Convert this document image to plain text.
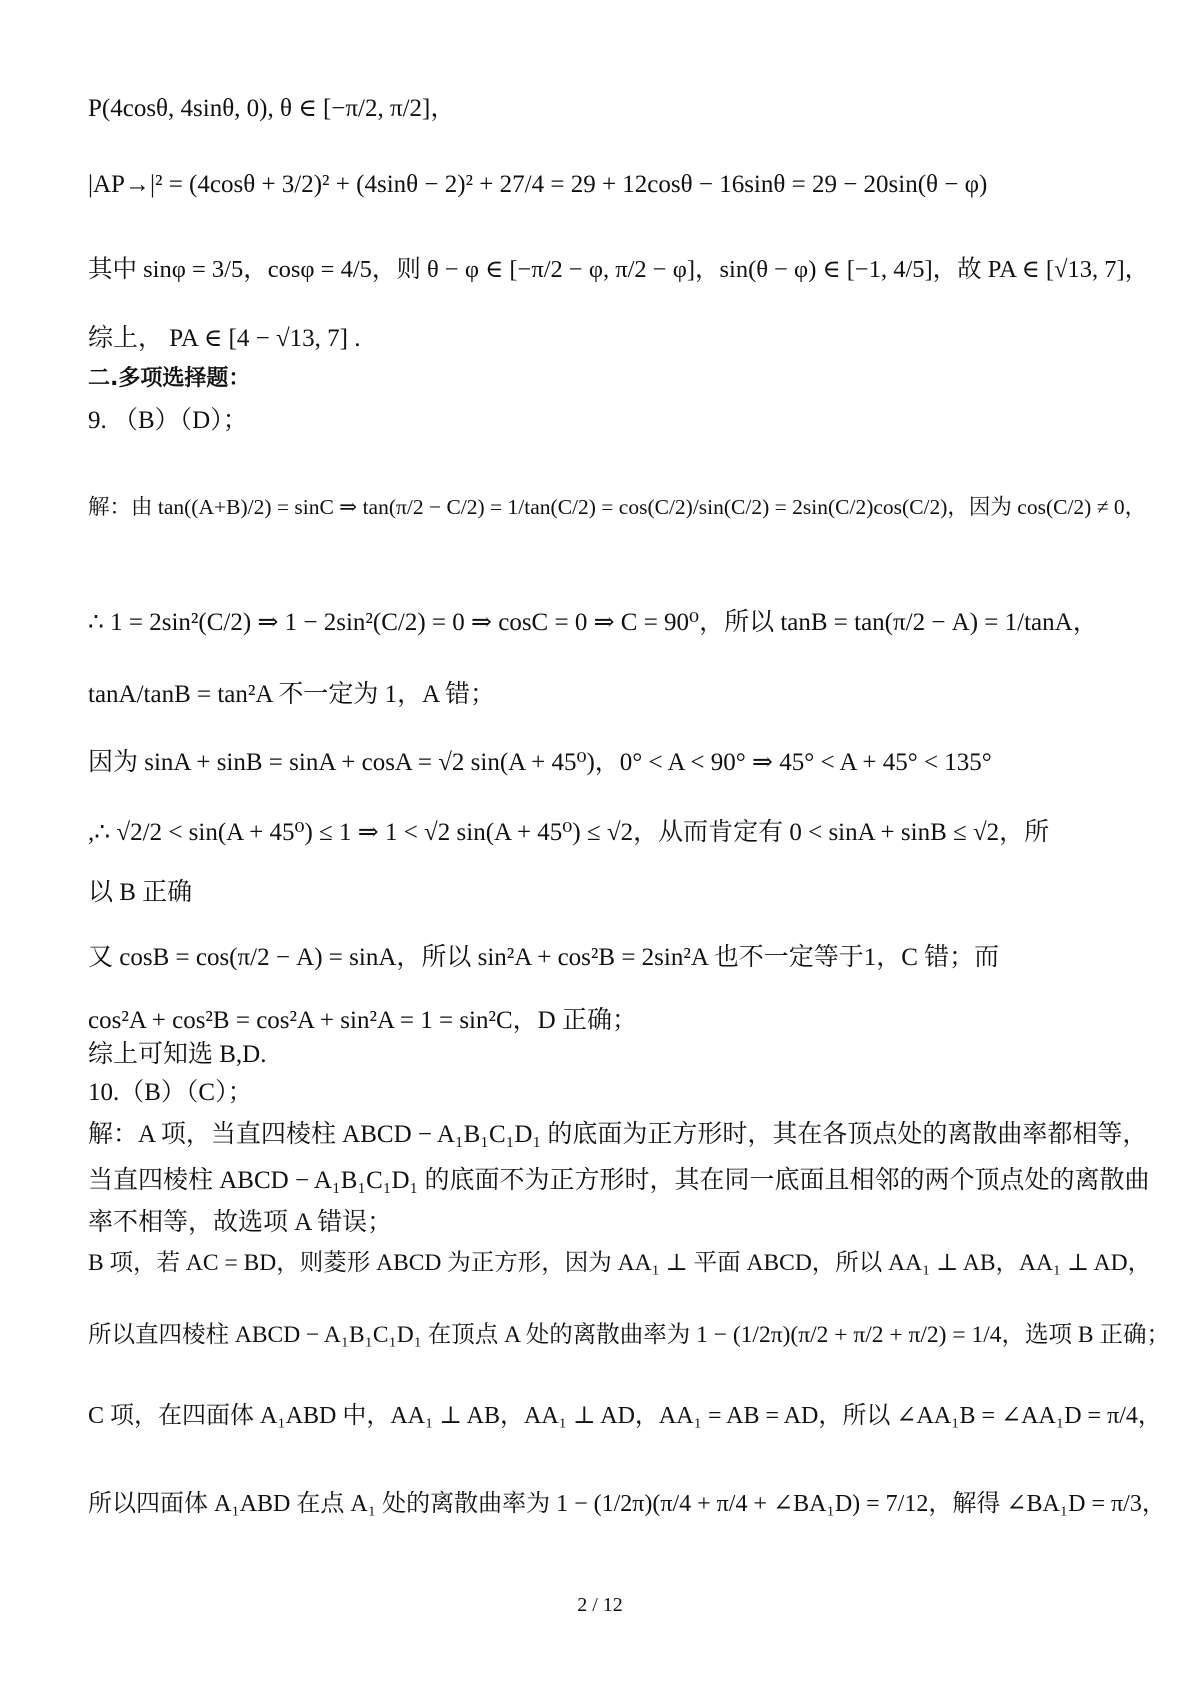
P(4cosθ, 4sinθ, 0), θ ∈ [−π/2, π/2]，
|AP→|² = (4cosθ + 3/2)² + (4sinθ − 2)² + 27/4 = 29 + 12cosθ − 16sinθ = 29 − 20sin(θ − φ)
其中 sinφ = 3/5，cosφ = 4/5，则 θ − φ ∈ [−π/2 − φ, π/2 − φ]，sin(θ − φ) ∈ [−1, 4/5]，故 PA ∈ [√13, 7]，
综上， PA ∈ [4 − √13, 7] .
二.多项选择题：
9. （B）（D）；
解：由 tan((A+B)/2) = sinC ⇒ tan(π/2 − C/2) = 1/tan(C/2) = cos(C/2)/sin(C/2) = 2sin(C/2)cos(C/2)，因为 cos(C/2) ≠ 0，
∴ 1 = 2sin²(C/2) ⇒ 1 − 2sin²(C/2) = 0 ⇒ cosC = 0 ⇒ C = 90⁰，所以 tanB = tan(π/2 − A) = 1/tanA，
tanA/tanB = tan²A 不一定为 1，A 错；
因为 sinA + sinB = sinA + cosA = √2 sin(A + 45⁰)，0° < A < 90° ⇒ 45° < A + 45° < 135°
,∴ √2/2 < sin(A + 45⁰) ≤ 1 ⇒ 1 < √2 sin(A + 45⁰) ≤ √2，从而肯定有 0 < sinA + sinB ≤ √2，所
以 B 正确
又 cosB = cos(π/2 − A) = sinA，所以 sin²A + cos²B = 2sin²A 也不一定等于1，C 错；而
cos²A + cos²B = cos²A + sin²A = 1 = sin²C，D 正确；
综上可知选 B,D.
10.（B）（C）；
解：A 项，当直四棱柱 ABCD − A₁B₁C₁D₁ 的底面为正方形时，其在各顶点处的离散曲率都相等，
当直四棱柱 ABCD − A₁B₁C₁D₁ 的底面不为正方形时，其在同一底面且相邻的两个顶点处的离散曲
率不相等，故选项 A 错误；
B 项，若 AC = BD，则菱形 ABCD 为正方形，因为 AA₁ ⊥ 平面 ABCD，所以 AA₁ ⊥ AB，AA₁ ⊥ AD，
所以直四棱柱 ABCD − A₁B₁C₁D₁ 在顶点 A 处的离散曲率为 1 − (1/2π)(π/2 + π/2 + π/2) = 1/4，选项 B 正确；
C 项，在四面体 A₁ABD 中，AA₁ ⊥ AB，AA₁ ⊥ AD，AA₁ = AB = AD，所以 ∠AA₁B = ∠AA₁D = π/4，
所以四面体 A₁ABD 在点 A₁ 处的离散曲率为 1 − (1/2π)(π/4 + π/4 + ∠BA₁D) = 7/12，解得 ∠BA₁D = π/3，
2 / 12
